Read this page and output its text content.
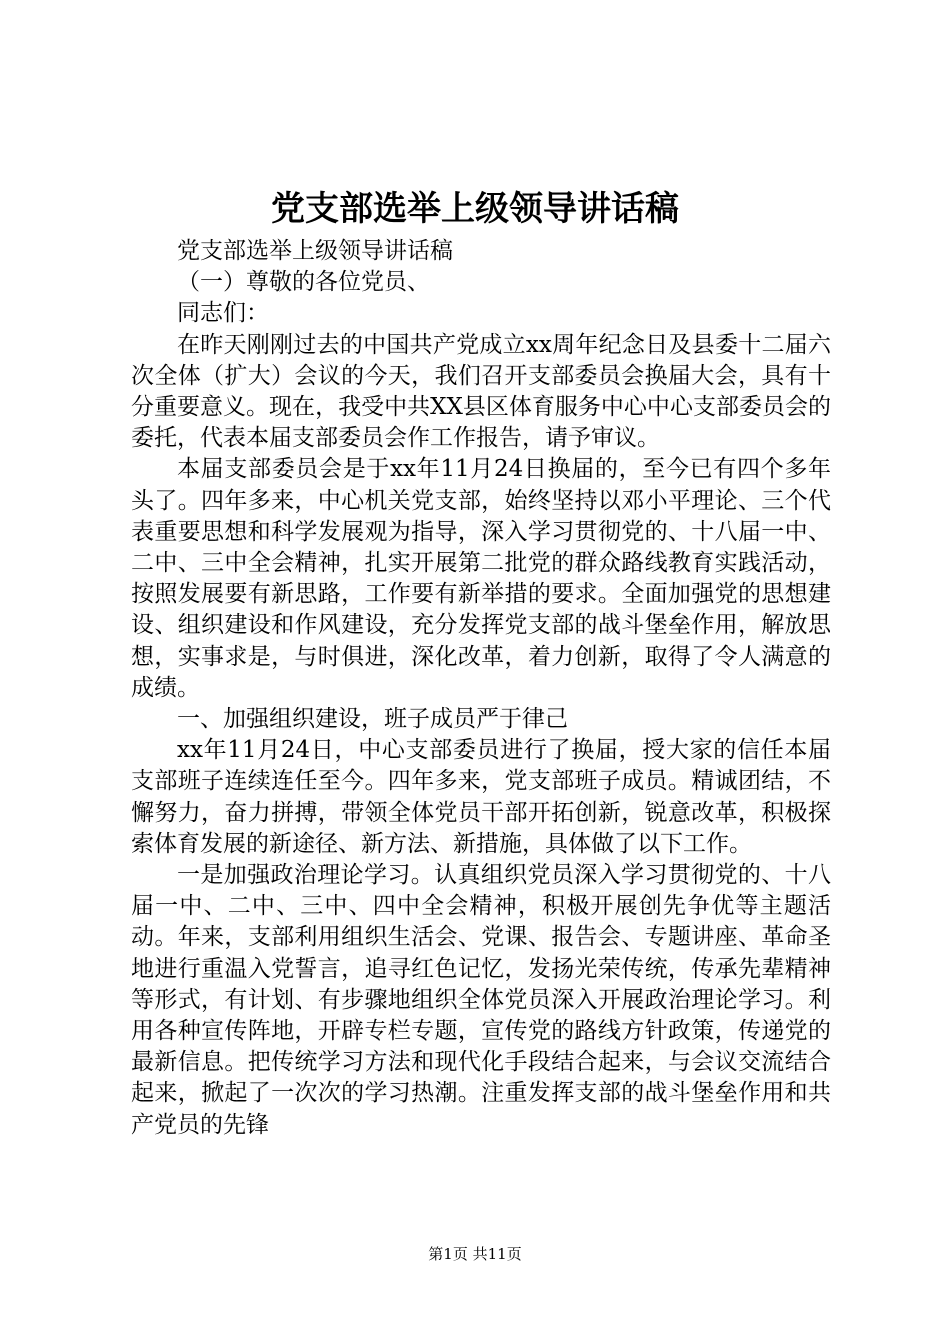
党支部选举上级领导讲话稿

党支部选举上级领导讲话稿

（一）尊敬的各位党员、

同志们：

在昨天刚刚过去的中国共产党成立xx周年纪念日及县委十二届六次全体（扩大）会议的今天，我们召开支部委员会换届大会，具有十分重要意义。现在，我受中共XX县区体育服务中心中心支部委员会的委托，代表本届支部委员会作工作报告，请予审议。

本届支部委员会是于xx年11月24日换届的，至今已有四个多年头了。四年多来，中心机关党支部，始终坚持以邓小平理论、三个代表重要思想和科学发展观为指导，深入学习贯彻党的、十八届一中、二中、三中全会精神，扎实开展第二批党的群众路线教育实践活动，按照发展要有新思路，工作要有新举措的要求。全面加强党的思想建设、组织建设和作风建设，充分发挥党支部的战斗堡垒作用，解放思想，实事求是，与时俱进，深化改革，着力创新，取得了令人满意的成绩。

一、加强组织建设，班子成员严于律己

xx年11月24日，中心支部委员进行了换届，授大家的信任本届支部班子连续连任至今。四年多来，党支部班子成员。精诚团结，不懈努力，奋力拼搏，带领全体党员干部开拓创新，锐意改革，积极探索体育发展的新途径、新方法、新措施，具体做了以下工作。

一是加强政治理论学习。认真组织党员深入学习贯彻党的、十八届一中、二中、三中、四中全会精神，积极开展创先争优等主题活动。年来，支部利用组织生活会、党课、报告会、专题讲座、革命圣地进行重温入党誓言，追寻红色记忆，发扬光荣传统，传承先辈精神等形式，有计划、有步骤地组织全体党员深入开展政治理论学习。利用各种宣传阵地，开辟专栏专题，宣传党的路线方针政策，传递党的最新信息。把传统学习方法和现代化手段结合起来，与会议交流结合起来，掀起了一次次的学习热潮。注重发挥支部的战斗堡垒作用和共产党员的先锋

第1页 共11页
